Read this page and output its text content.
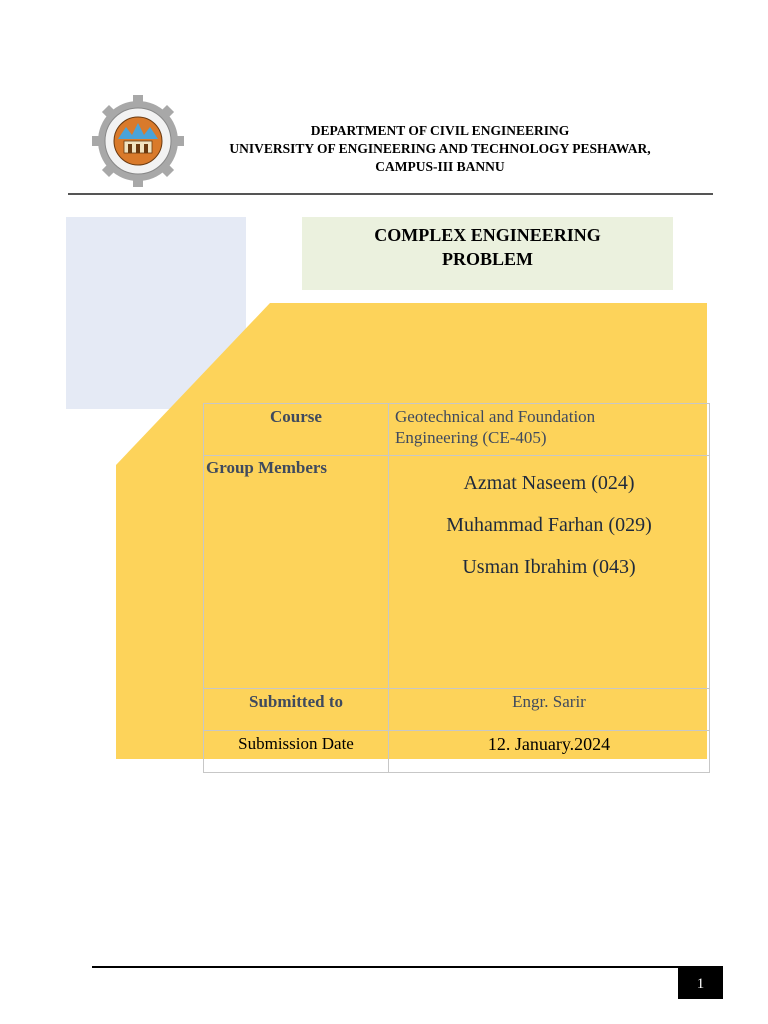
DEPARTMENT OF CIVIL ENGINEERING
UNIVERSITY OF ENGINEERING AND TECHNOLOGY PESHAWAR,
CAMPUS-III BANNU
COMPLEX ENGINEERING
PROBLEM
Course	Geotechnical and Foundation
Engineering (CE-405)

Group Members	Azmat Naseem (024)
Muhammad Farhan (029)
Usman Ibrahim (043)

Submitted to	Engr. Sarir
Submission Date	12. January.2024
1
